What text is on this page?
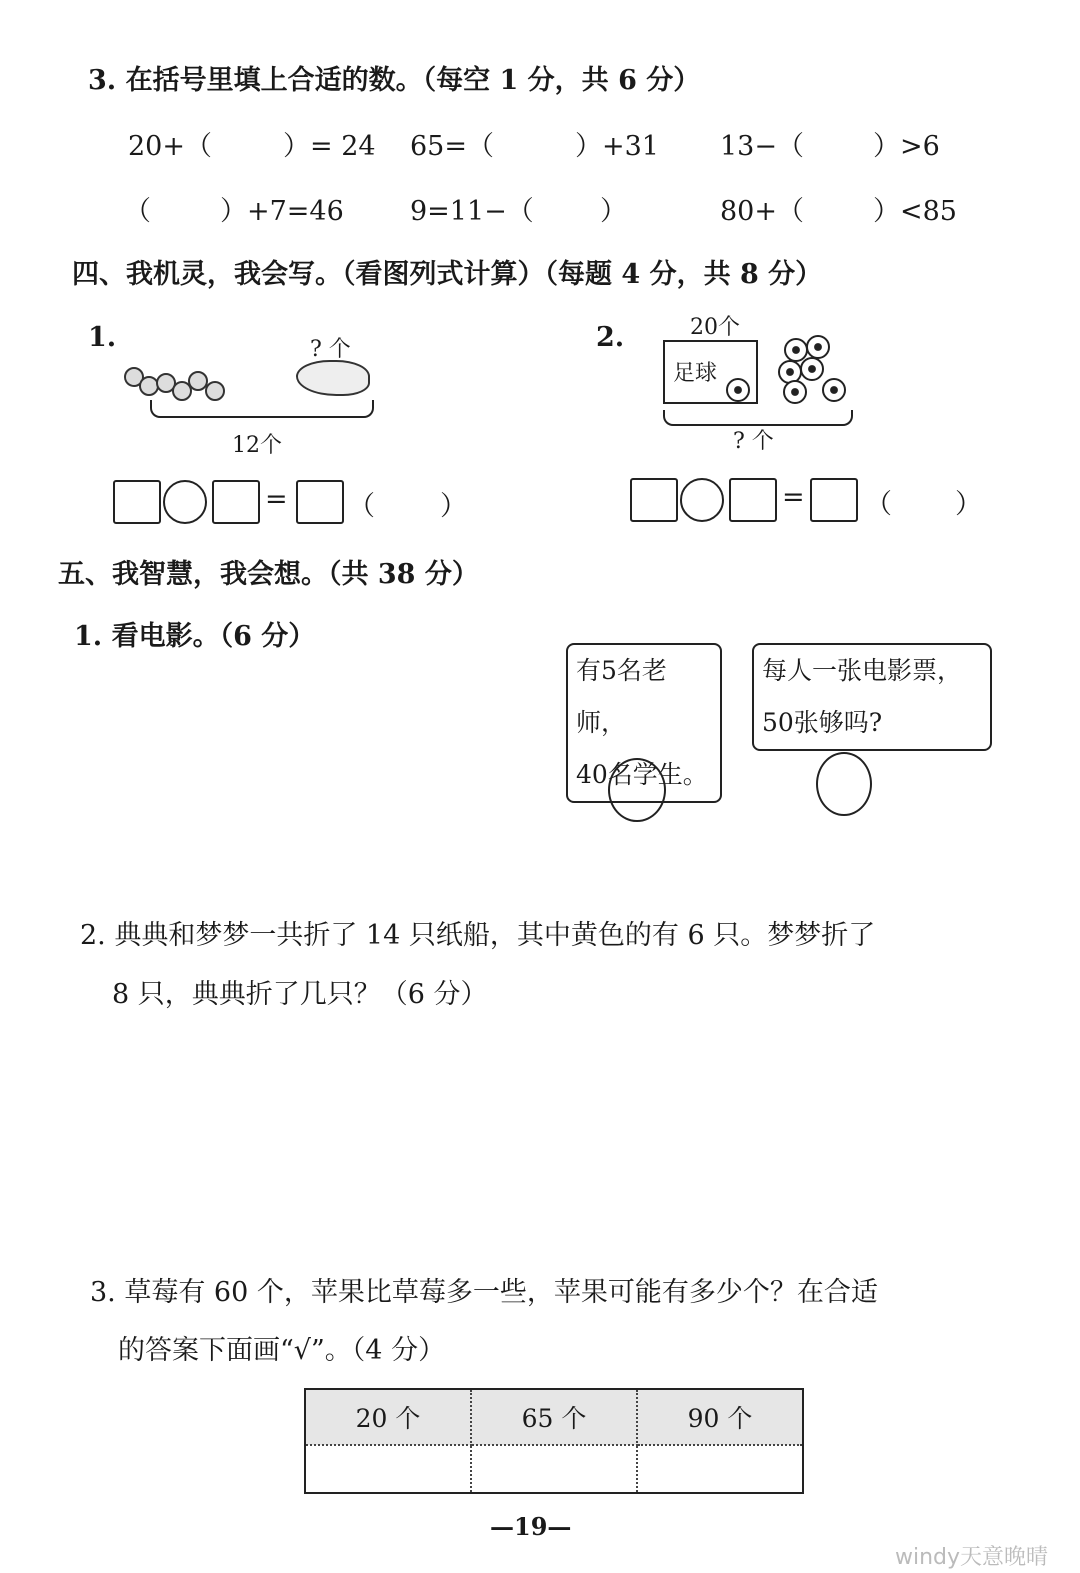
3. 在括号里填上合适的数。（每空 1 分，共 6 分）
20+（	）= 24 65=（	）+31 13−（	）>6
（	）+7=46 9=11−（ ）	80+（	）<85
四、我机灵，我会写。（看图列式计算）（每题 4 分，共 8 分）
1.	? 个
12个
= （ ）
2.	20个
足球
? 个
= （ ）
五、我智慧，我会想。（共 38 分）
1. 看电影。（6 分）
有5名老师，
40名学生。
每人一张电影票，
50张够吗?
2. 典典和梦梦一共折了 14 只纸船，其中黄色的有 6 只。梦梦折了
8 只，典典折了几只？（6 分）
3. 草莓有 60 个，苹果比草莓多一些，苹果可能有多少个？在合适
的答案下面画“√”。（4 分）
20 个	65 个	90 个

—19—
windy天意晚晴
